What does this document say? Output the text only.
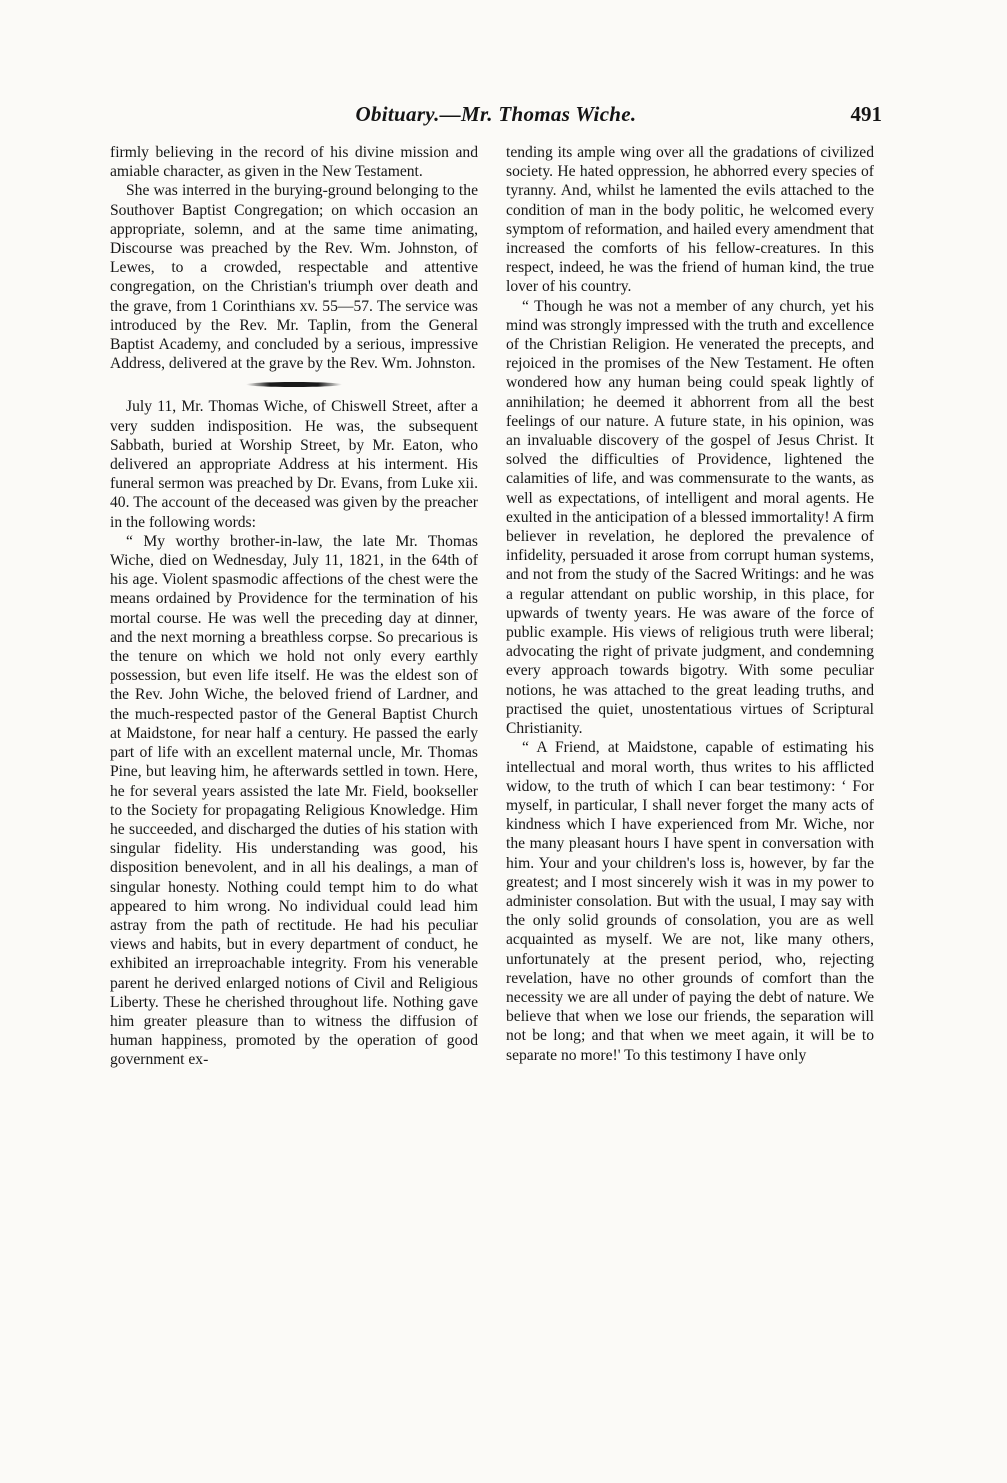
Obituary.—Mr. Thomas Wiche.	491

firmly believing in the record of his divine mission and amiable character, as given in the New Testament.

She was interred in the burying-ground belonging to the Southover Baptist Congregation; on which occasion an appropriate, solemn, and at the same time animating, Discourse was preached by the Rev. Wm. Johnston, of Lewes, to a crowded, respectable and attentive congregation, on the Christian's triumph over death and the grave, from 1 Corinthians xv. 55—57. The service was introduced by the Rev. Mr. Taplin, from the General Baptist Academy, and concluded by a serious, impressive Address, delivered at the grave by the Rev. Wm. Johnston.

July 11, Mr. Thomas Wiche, of Chiswell Street, after a very sudden indisposition. He was, the subsequent Sabbath, buried at Worship Street, by Mr. Eaton, who delivered an appropriate Address at his interment. His funeral sermon was preached by Dr. Evans, from Luke xii. 40. The account of the deceased was given by the preacher in the following words:

“ My worthy brother-in-law, the late Mr. Thomas Wiche, died on Wednesday, July 11, 1821, in the 64th of his age. Violent spasmodic affections of the chest were the means ordained by Providence for the termination of his mortal course. He was well the preceding day at dinner, and the next morning a breathless corpse. So precarious is the tenure on which we hold not only every earthly possession, but even life itself. He was the eldest son of the Rev. John Wiche, the beloved friend of Lardner, and the much-respected pastor of the General Baptist Church at Maidstone, for near half a century. He passed the early part of life with an excellent maternal uncle, Mr. Thomas Pine, but leaving him, he afterwards settled in town. Here, he for several years assisted the late Mr. Field, bookseller to the Society for propagating Religious Knowledge. Him he succeeded, and discharged the duties of his station with singular fidelity. His understanding was good, his disposition benevolent, and in all his dealings, a man of singular honesty. Nothing could tempt him to do what appeared to him wrong. No individual could lead him astray from the path of rectitude. He had his peculiar views and habits, but in every department of conduct, he exhibited an irreproachable integrity. From his venerable parent he derived enlarged notions of Civil and Religious Liberty. These he cherished throughout life. Nothing gave him greater pleasure than to witness the diffusion of human happiness, promoted by the operation of good government ex-

tending its ample wing over all the gradations of civilized society. He hated oppression, he abhorred every species of tyranny. And, whilst he lamented the evils attached to the condition of man in the body politic, he welcomed every symptom of reformation, and hailed every amendment that increased the comforts of his fellow-creatures. In this respect, indeed, he was the friend of human kind, the true lover of his country.

“ Though he was not a member of any church, yet his mind was strongly impressed with the truth and excellence of the Christian Religion. He venerated the precepts, and rejoiced in the promises of the New Testament. He often wondered how any human being could speak lightly of annihilation; he deemed it abhorrent from all the best feelings of our nature. A future state, in his opinion, was an invaluable discovery of the gospel of Jesus Christ. It solved the difficulties of Providence, lightened the calamities of life, and was commensurate to the wants, as well as expectations, of intelligent and moral agents. He exulted in the anticipation of a blessed immortality! A firm believer in revelation, he deplored the prevalence of infidelity, persuaded it arose from corrupt human systems, and not from the study of the Sacred Writings: and he was a regular attendant on public worship, in this place, for upwards of twenty years. He was aware of the force of public example. His views of religious truth were liberal; advocating the right of private judgment, and condemning every approach towards bigotry. With some peculiar notions, he was attached to the great leading truths, and practised the quiet, unostentatious virtues of Scriptural Christianity.

“ A Friend, at Maidstone, capable of estimating his intellectual and moral worth, thus writes to his afflicted widow, to the truth of which I can bear testimony: ‘ For myself, in particular, I shall never forget the many acts of kindness which I have experienced from Mr. Wiche, nor the many pleasant hours I have spent in conversation with him. Your and your children's loss is, however, by far the greatest; and I most sincerely wish it was in my power to administer consolation. But with the usual, I may say with the only solid grounds of consolation, you are as well acquainted as myself. We are not, like many others, unfortunately at the present period, who, rejecting revelation, have no other grounds of comfort than the necessity we are all under of paying the debt of nature. We believe that when we lose our friends, the separation will not be long; and that when we meet again, it will be to separate no more!' To this testimony I have only
